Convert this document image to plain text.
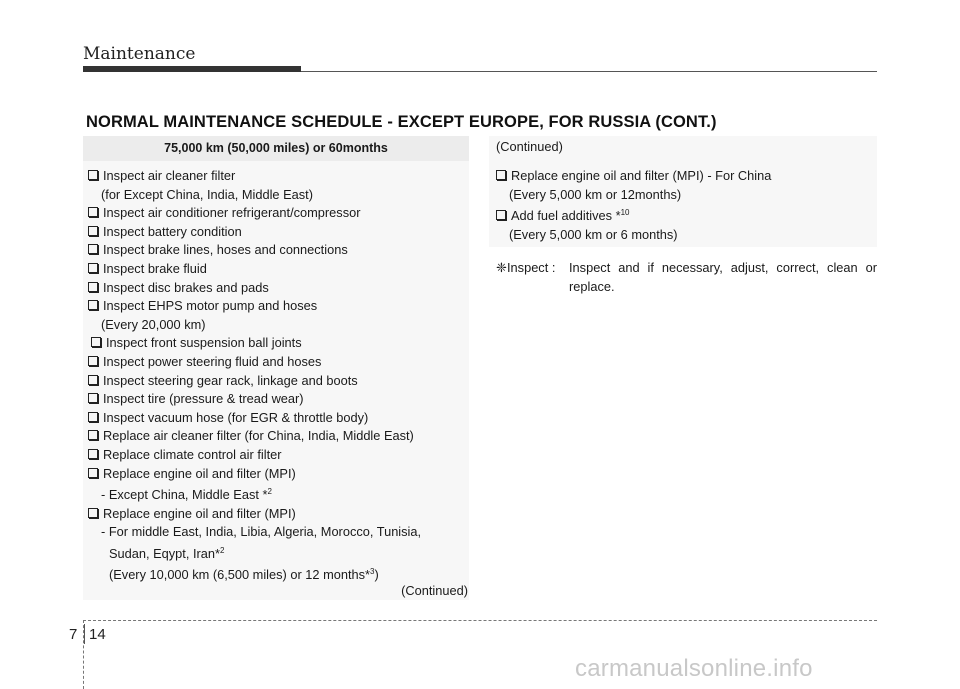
Maintenance
NORMAL MAINTENANCE SCHEDULE - EXCEPT EUROPE, FOR RUSSIA (CONT.)
75,000 km (50,000 miles) or 60months
Inspect air cleaner filter
(for Except China, India, Middle East)
Inspect air conditioner refrigerant/compressor
Inspect battery condition
Inspect brake lines, hoses and connections
Inspect brake fluid
Inspect disc brakes and pads
Inspect EHPS motor pump and hoses
(Every 20,000 km)
Inspect front suspension ball joints
Inspect power steering fluid and hoses
Inspect steering gear rack, linkage and boots
Inspect tire (pressure & tread wear)
Inspect vacuum hose (for EGR & throttle body)
Replace air cleaner filter (for China, India, Middle East)
Replace climate control air filter
Replace engine oil and filter (MPI)
- Except China, Middle East *$^2$
Replace engine oil and filter (MPI)
- For middle East, India, Libia, Algeria, Morocco, Tunisia,
Sudan, Eqypt, Iran*$^2$
(Every 10,000 km (6,500 miles) or 12 months*$^3$)
(Continued)
(Continued)
Replace engine oil and filter (MPI) - For China
(Every 5,000 km or 12months)
Add fuel additives *$^{10}$
(Every 5,000 km or 6 months)
❈ Inspect :	Inspect and if necessary, adjust, correct, clean or replace.
7 14
carmanualsonline.info
